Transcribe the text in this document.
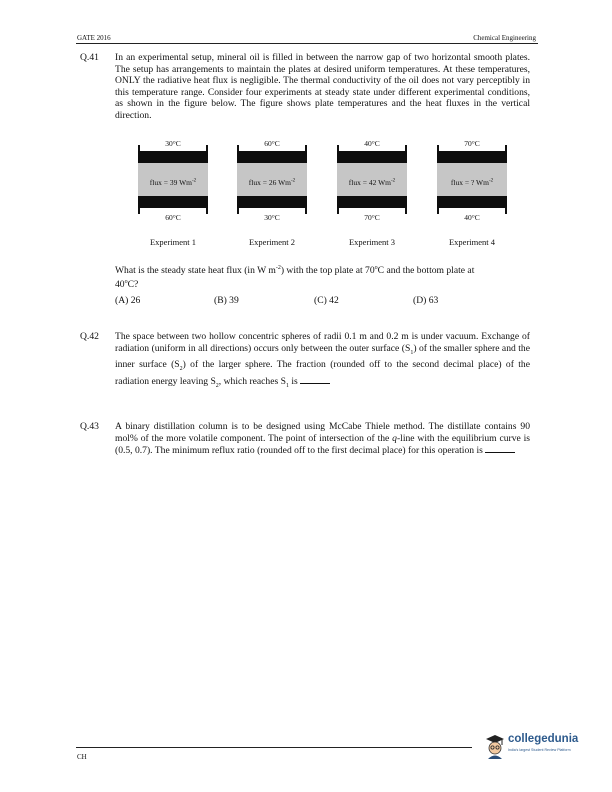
GATE 2016	Chemical Engineering
Q.41 In an experimental setup, mineral oil is filled in between the narrow gap of two horizontal smooth plates. The setup has arrangements to maintain the plates at desired uniform temperatures. At these temperatures, ONLY the radiative heat flux is negligible. The thermal conductivity of the oil does not vary perceptibly in this temperature range. Consider four experiments at steady state under different experimental conditions, as shown in the figure below. The figure shows plate temperatures and the heat fluxes in the vertical direction.
30°C
flux = 39 $Wm^{-2}$
60°C
Experiment 1
60°C
flux = 26 $Wm^{-2}$
30°C
Experiment 2
40°C
flux = 42 $Wm^{-2}$
70°C
Experiment 3
70°C
flux = ? $Wm^{-2}$
40°C
Experiment 4
What is the steady state heat flux (in W $m^{-2}$) with the top plate at 70$^o$C and the bottom plate at
40$^o$C?
(A) 26	(B) 39	(C) 42	(D) 63
Q.42 The space between two hollow concentric spheres of radii 0.1 m and 0.2 m is under vacuum. Exchange of radiation (uniform in all directions) occurs only between the outer surface $(S_1)$ of the smaller sphere and the inner surface $(S_2)$ of the larger sphere. The fraction (rounded off to the second decimal place) of the radiation energy leaving $S_2$, which reaches $S_1$ is
Q.43 A binary distillation column is to be designed using McCabe Thiele method. The distillate contains 90 mol% of the more volatile component. The point of intersection of the q-line with the equilibrium curve is (0.5, 0.7). The minimum reflux ratio (rounded off to the first decimal place) for this operation is
CH
collegedunia
India's largest Student Review Platform
